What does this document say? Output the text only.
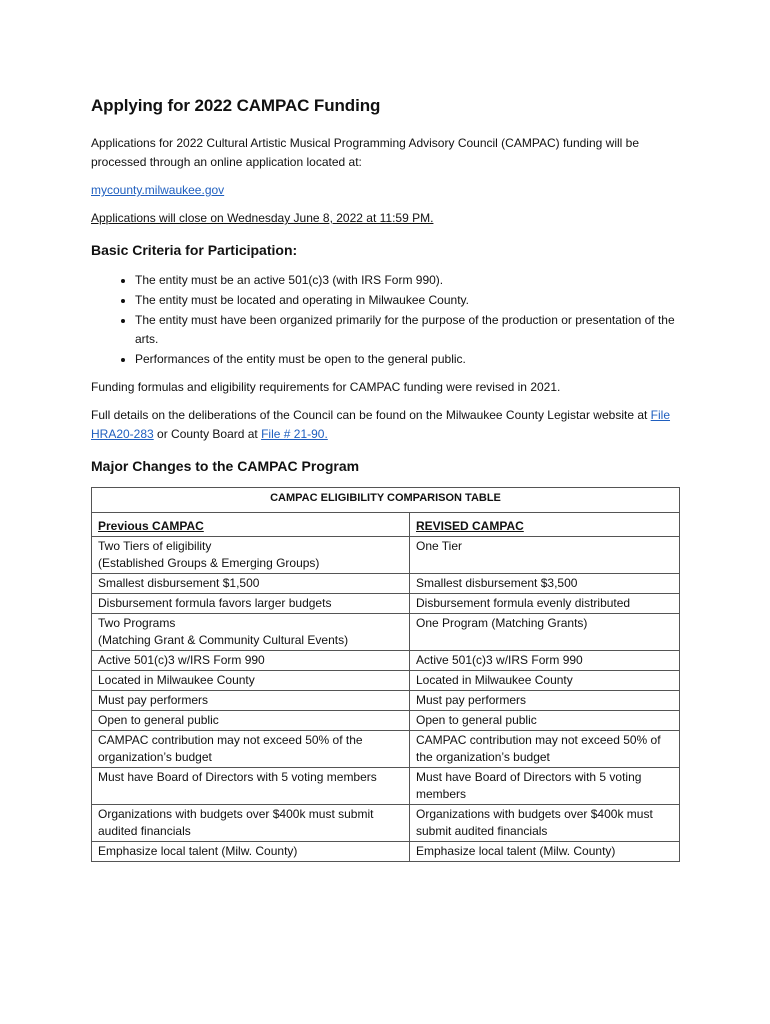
Applying for 2022 CAMPAC Funding

Applications for 2022 Cultural Artistic Musical Programming Advisory Council (CAMPAC) funding will be processed through an online application located at:

mycounty.milwaukee.gov

Applications will close on Wednesday June 8, 2022 at 11:59 PM.

Basic Criteria for Participation:
• The entity must be an active 501(c)3 (with IRS Form 990).
• The entity must be located and operating in Milwaukee County.
• The entity must have been organized primarily for the purpose of the production or presentation of the arts.
• Performances of the entity must be open to the general public.

Funding formulas and eligibility requirements for CAMPAC funding were revised in 2021.

Full details on the deliberations of the Council can be found on the Milwaukee County Legistar website at File HRA20-283 or County Board at File # 21-90.

Major Changes to the CAMPAC Program
CAMPAC ELIGIBILITY COMPARISON TABLE	
Previous CAMPAC	REVISED CAMPAC

Two Tiers of eligibility
(Established Groups & Emerging Groups)	One Tier

Smallest disbursement $1,500	Smallest disbursement $3,500

Disbursement formula favors larger budgets	Disbursement formula evenly distributed

Two Programs
(Matching Grant & Community Cultural Events)	One Program (Matching Grants)

Active 501(c)3 w/IRS Form 990	Active 501(c)3 w/IRS Form 990

Located in Milwaukee County	Located in Milwaukee County

Must pay performers	Must pay performers

Open to general public	Open to general public

CAMPAC contribution may not exceed 50% of the organization’s budget	CAMPAC contribution may not exceed 50% of the organization’s budget

Must have Board of Directors with 5 voting members	Must have Board of Directors with 5 voting members

Organizations with budgets over $400k must submit audited financials	Organizations with budgets over $400k must submit audited financials

Emphasize local talent (Milw. County)	Emphasize local talent (Milw. County)
